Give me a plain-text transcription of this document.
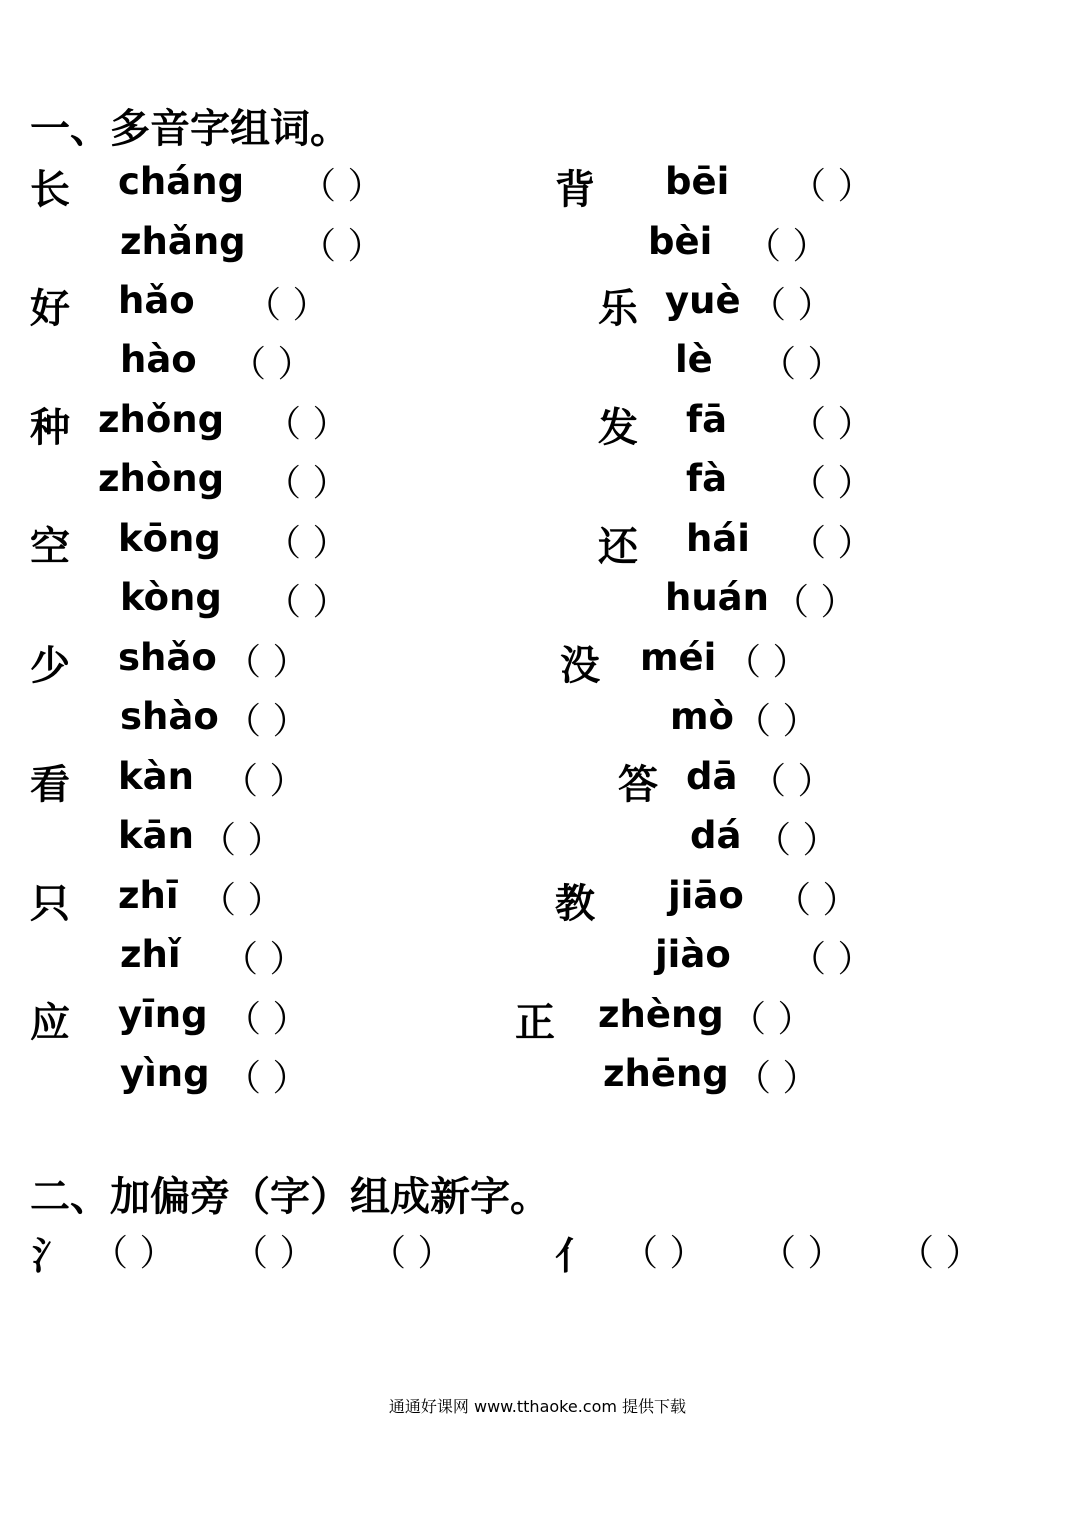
一、多音字组词。
长 cháng （ ）
zhǎng （ ）
好 hǎo （ ）
hào （ ）
种 zhǒng （ ）
zhòng （ ）
空 kōng （ ）
kòng （ ）
少 shǎo （ ）
shào （ ）
看 kàn （ ）
kān （ ）
只 zhī （ ）
zhǐ （ ）
应 yīng （ ）
yìng （ ）
背 bēi （ ）
bèi （ ）
乐 yuè （ ）
lè （ ）
发 fā （ ）
fà （ ）
还 hái （ ）
huán （ ）
没 méi （ ）
mò （ ）
答 dā （ ）
dá （ ）
教 jiāo （ ）
jiào （ ）
正 zhèng （ ）
zhēng （ ）
二、加偏旁（字）组成新字。
氵 （ ） （ ） （ ）	亻 （ ） （ ） （ ）
通通好课网 www.tthaoke.com 提供下载
